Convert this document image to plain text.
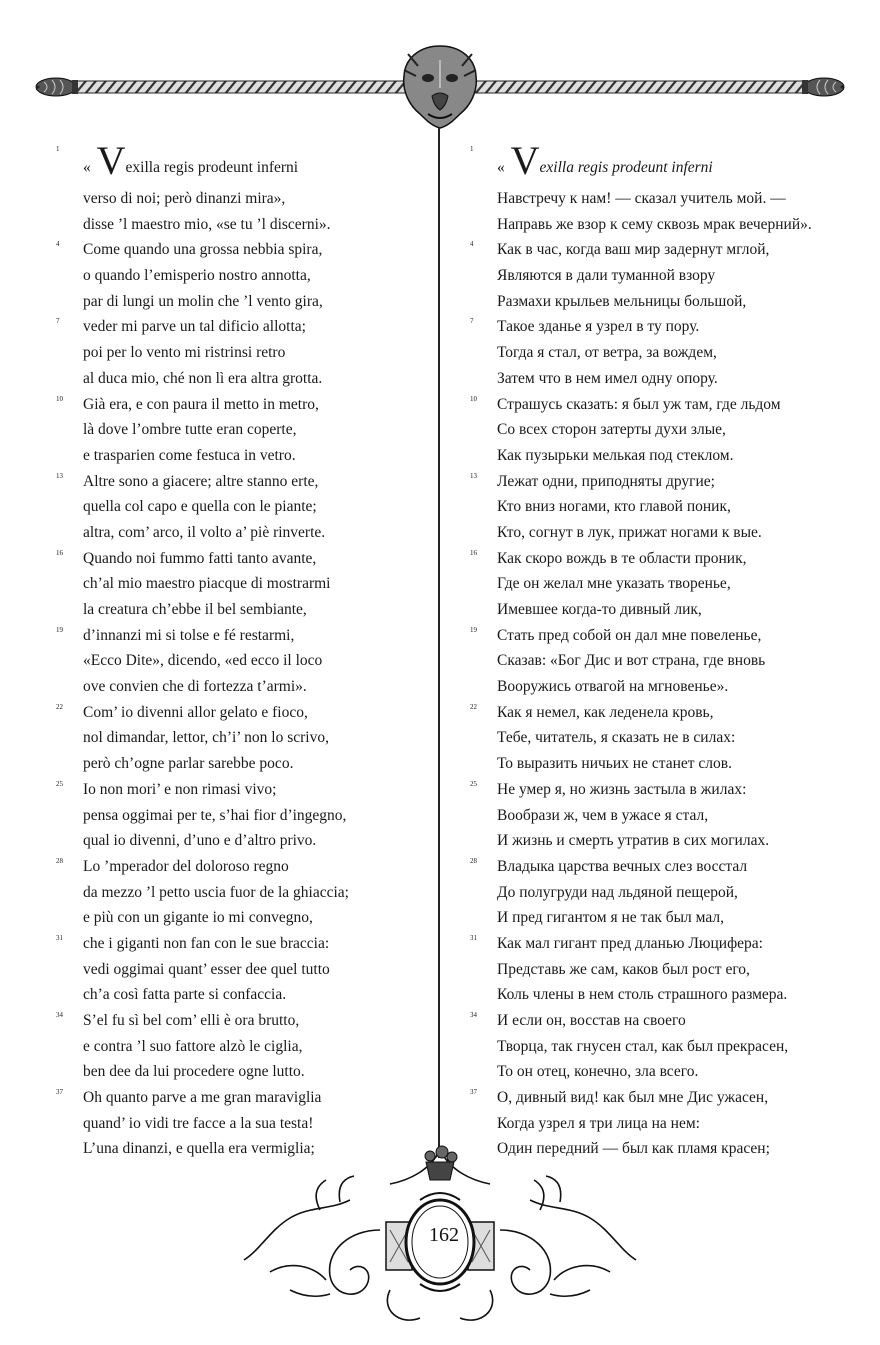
1
« Vexilla regis prodeunt inferni
verso di noi; però dinanzi mira»,
disse ’l maestro mio, «se tu ’l discerni».
4	Come quando una grossa nebbia spira,
o quando l’emisperio nostro annotta,
par di lungi un molin che ’l vento gira,
7	veder mi parve un tal dificio allotta;
poi per lo vento mi ristrinsi retro
al duca mio, ché non lì era altra grotta.
10	Già era, e con paura il metto in metro,
là dove l’ombre tutte eran coperte,
e trasparien come festuca in vetro.
13	Altre sono a giacere; altre stanno erte,
quella col capo e quella con le piante;
altra, com’ arco, il volto a’ piè rinverte.
16	Quando noi fummo fatti tanto avante,
ch’al mio maestro piacque di mostrarmi
la creatura ch’ebbe il bel sembiante,
19	d’innanzi mi si tolse e fé restarmi,
«Ecco Dite», dicendo, «ed ecco il loco
ove convien che di fortezza t’armi».
22	Com’ io divenni allor gelato e fioco,
nol dimandar, lettor, ch’i’ non lo scrivo,
però ch’ogne parlar sarebbe poco.
25	Io non mori’ e non rimasi vivo;
pensa oggimai per te, s’hai fior d’ingegno,
qual io divenni, d’uno e d’altro privo.
28	Lo ’mperador del doloroso regno
da mezzo ’l petto uscia fuor de la ghiaccia;
e più con un gigante io mi convegno,
31	che i giganti non fan con le sue braccia:
vedi oggimai quant’ esser dee quel tutto
ch’a così fatta parte si confaccia.
34	S’el fu sì bel com’ elli è ora brutto,
e contra ’l suo fattore alzò le ciglia,
ben dee da lui procedere ogne lutto.
37	Oh quanto parve a me gran maraviglia
quand’ io vidi tre facce a la sua testa!
L’una dinanzi, e quella era vermiglia;
1
« Vexilla regis prodeunt inferni
Навстречу к нам! — сказал учитель мой. —
Направь же взор к сему сквозь мрак вечерний».
4	Как в час, когда ваш мир задернут мглой,
Являются в дали туманной взору
Размахи крыльев мельницы большой,
7	Такое зданье я узрел в ту пору.
Тогда я стал, от ветра, за вождем,
Затем что в нем имел одну опору.
10	Страшусь сказать: я был уж там, где льдом
Со всех сторон затерты духи злые,
Как пузырьки мелькая под стеклом.
13	Лежат одни, приподняты другие;
Кто вниз ногами, кто главой поник,
Кто, согнут в лук, прижат ногами к вые.
16	Как скоро вождь в те области проник,
Где он желал мне указать творенье,
Имевшее когда-то дивный лик,
19	Стать пред собой он дал мне повеленье,
Сказав: «Бог Дис и вот страна, где вновь
Вооружись отвагой на мгновенье».
22	Как я немел, как леденела кровь,
Тебе, читатель, я сказать не в силах:
То выразить ничьих не станет слов.
25	Не умер я, но жизнь застыла в жилах:
Вообрази ж, чем в ужасе я стал,
И жизнь и смерть утратив в сих могилах.
28	Владыка царства вечных слез восстал
До полугруди над льдяной пещерой,
И пред гигантом я не так был мал,
31	Как мал гигант пред дланью Люцифера:
Представь же сам, каков был рост его,
Коль члены в нем столь страшного размера.
34	И если он, восстав на своего
Творца, так гнусен стал, как был прекрасен,
То он отец, конечно, зла всего.
37	О, дивный вид! как был мне Дис ужасен,
Когда узрел я три лица на нем:
Один передний — был как пламя красен;
162
